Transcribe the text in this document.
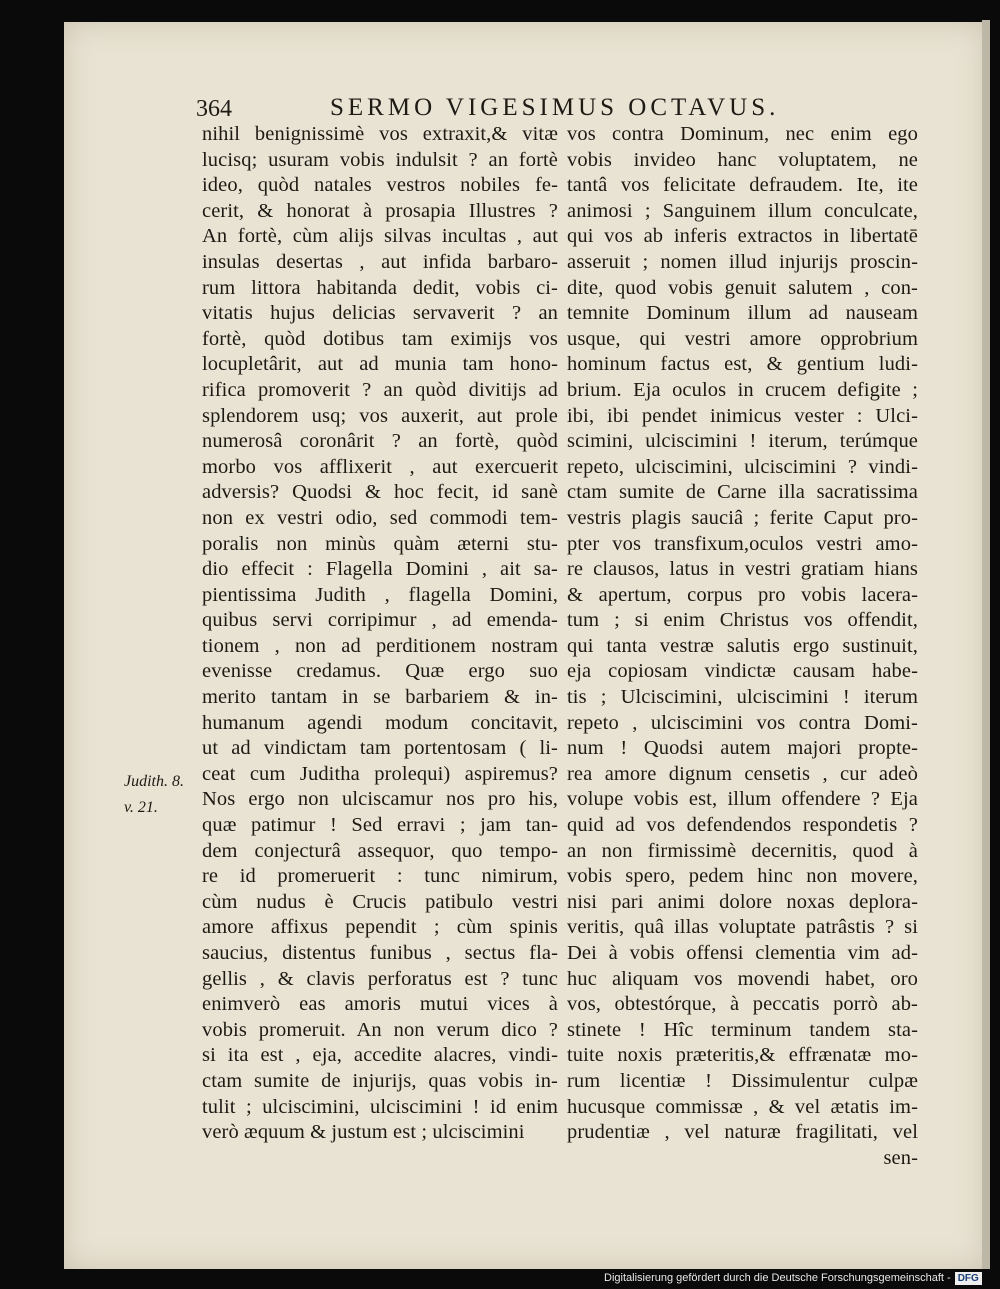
364	SERMO VIGESIMUS OCTAVUS.
Judith. 8.
v. 21.
nihil benignissimè vos extraxit,& vitæ
lucisq; usuram vobis indulsit ? an fortè
ideo, quòd natales vestros nobiles fe-
cerit, & honorat à prosapia Illustres ?
An fortè, cùm alijs silvas incultas , aut
insulas desertas , aut infida barbaro-
rum littora habitanda dedit, vobis ci-
vitatis hujus delicias servaverit ? an
fortè, quòd dotibus tam eximijs vos
locupletârit, aut ad munia tam hono-
rifica promoverit ? an quòd divitijs ad
splendorem usq; vos auxerit, aut prole
numerosâ coronârit ? an fortè, quòd
morbo vos afflixerit , aut exercuerit
adversis? Quodsi & hoc fecit, id sanè
non ex vestri odio, sed commodi tem-
poralis non minùs quàm æterni stu-
dio effecit : Flagella Domini , ait sa-
pientissima Judith , flagella Domini,
quibus servi corripimur , ad emenda-
tionem , non ad perditionem nostram
evenisse credamus. Quæ ergo suo
merito tantam in se barbariem & in-
humanum agendi modum concitavit,
ut ad vindictam tam portentosam ( li-
ceat cum Juditha prolequi) aspiremus?
Nos ergo non ulciscamur nos pro his,
quæ patimur ! Sed erravi ; jam tan-
dem conjecturâ assequor, quo tempo-
re id promeruerit : tunc nimirum,
cùm nudus è Crucis patibulo vestri
amore affixus pependit ; cùm spinis
saucius, distentus funibus , sectus fla-
gellis , & clavis perforatus est ? tunc
enimverò eas amoris mutui vices à
vobis promeruit. An non verum dico ?
si ita est , eja, accedite alacres, vindi-
ctam sumite de injurijs, quas vobis in-
tulit ; ulciscimini, ulciscimini ! id enim
verò æquum & justum est ; ulciscimini
vos contra Dominum, nec enim ego
vobis invideo hanc voluptatem, ne
tantâ vos felicitate defraudem. Ite, ite
animosi ; Sanguinem illum conculcate,
qui vos ab inferis extractos in libertatē
asseruit ; nomen illud injurijs proscin-
dite, quod vobis genuit salutem , con-
temnite Dominum illum ad nauseam
usque, qui vestri amore opprobrium
hominum factus est, & gentium ludi-
brium. Eja oculos in crucem defigite ;
ibi, ibi pendet inimicus vester : Ulci-
scimini, ulciscimini ! iterum, terúmque
repeto, ulciscimini, ulciscimini ? vindi-
ctam sumite de Carne illa sacratissima
vestris plagis sauciâ ; ferite Caput pro-
pter vos transfixum,oculos vestri amo-
re clausos, latus in vestri gratiam hians
& apertum, corpus pro vobis lacera-
tum ; si enim Christus vos offendit,
qui tanta vestræ salutis ergo sustinuit,
eja copiosam vindictæ causam habe-
tis ; Ulciscimini, ulciscimini ! iterum
repeto , ulciscimini vos contra Domi-
num ! Quodsi autem majori propte-
rea amore dignum censetis , cur adeò
volupe vobis est, illum offendere ? Eja
quid ad vos defendendos respondetis ?
an non firmissimè decernitis, quod à
vobis spero, pedem hinc non movere,
nisi pari animi dolore noxas deplora-
veritis, quâ illas voluptate patrâstis ? si
Dei à vobis offensi clementia vim ad-
huc aliquam vos movendi habet, oro
vos, obtestórque, à peccatis porrò ab-
stinete ! Hîc terminum tandem sta-
tuite noxis præteritis,& effrænatæ mo-
rum licentiæ ! Dissimulentur culpæ
hucusque commissæ , & vel ætatis im-
prudentiæ , vel naturæ fragilitati, vel
sen-
Digitalisierung gefördert durch die Deutsche Forschungsgemeinschaft - DFG
